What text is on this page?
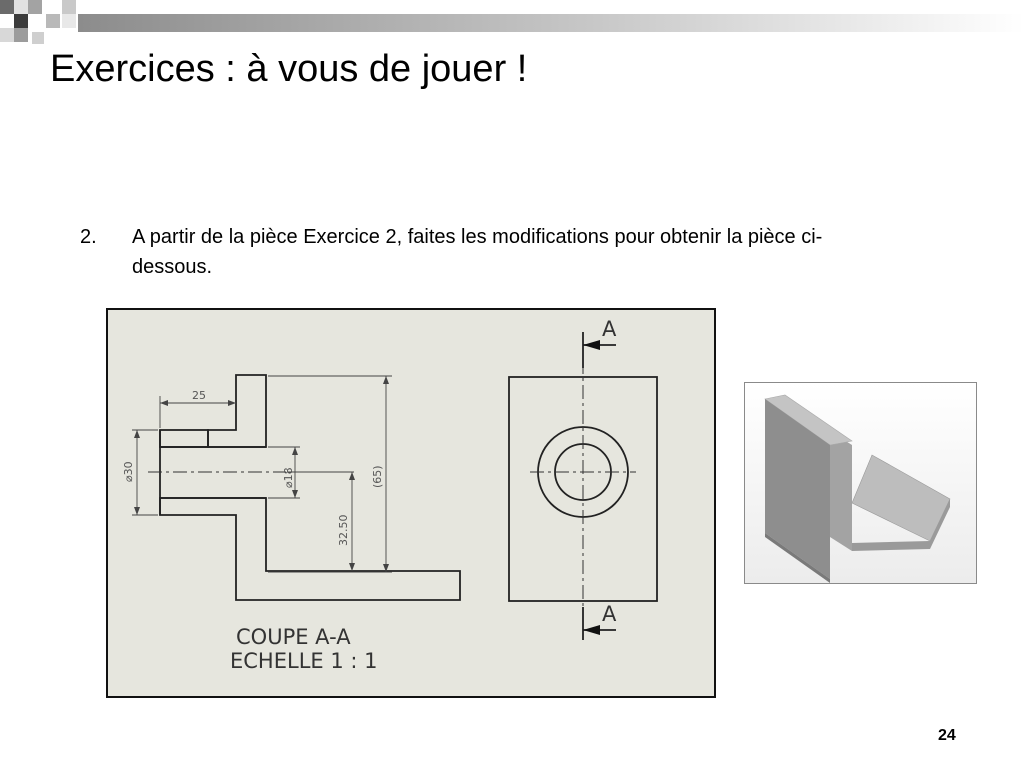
Exercices : à vous de jouer !
2. A partir de la pièce Exercice 2, faites les modifications pour obtenir la pièce ci-dessous.
25
⌀30	⌀18
32.50
(65)
COUPE A-A
ECHELLE 1 : 1
A
A
24
